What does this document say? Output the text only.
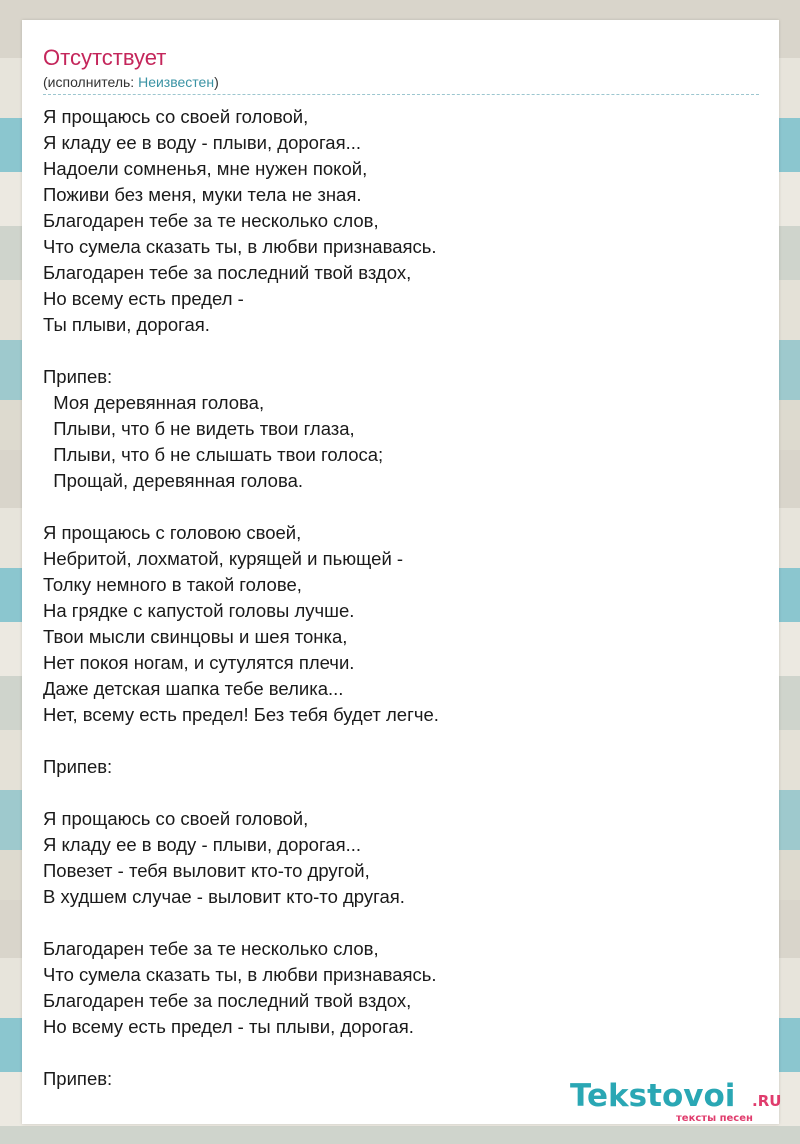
Отсутствует
(исполнитель: Неизвестен)
Я прощаюсь со своей головой,
Я кладу ее в воду - плыви, дорогая...
Надоели сомненья, мне нужен покой,
Поживи без меня, муки тела не зная.
Благодарен тебе за те несколько слов,
Что сумела сказать ты, в любви признаваясь.
Благодарен тебе за последний твой вздох,
Но всему есть предел -
Ты плыви, дорогая.
Припев:
Моя деревянная голова,
Плыви, что б не видеть твои глаза,
Плыви, что б не слышать твои голоса;
Прощай, деревянная голова.
Я прощаюсь с головою своей,
Небритой, лохматой, курящей и пьющей -
Толку немного в такой голове,
На грядке с капустой головы лучше.
Твои мысли свинцовы и шея тонка,
Нет покоя ногам, и сутулятся плечи.
Даже детская шапка тебе велика...
Нет, всему есть предел! Без тебя будет легче.
Припев:
Я прощаюсь со своей головой,
Я кладу ее в воду - плыви, дорогая...
Повезет - тебя выловит кто-то другой,
В худшем случае - выловит кто-то другая.
Благодарен тебе за те несколько слов,
Что сумела сказать ты, в любви признаваясь.
Благодарен тебе за последний твой вздох,
Но всему есть предел - ты плыви, дорогая.
Припев:	Tekstovoi .RU
тексты песен
